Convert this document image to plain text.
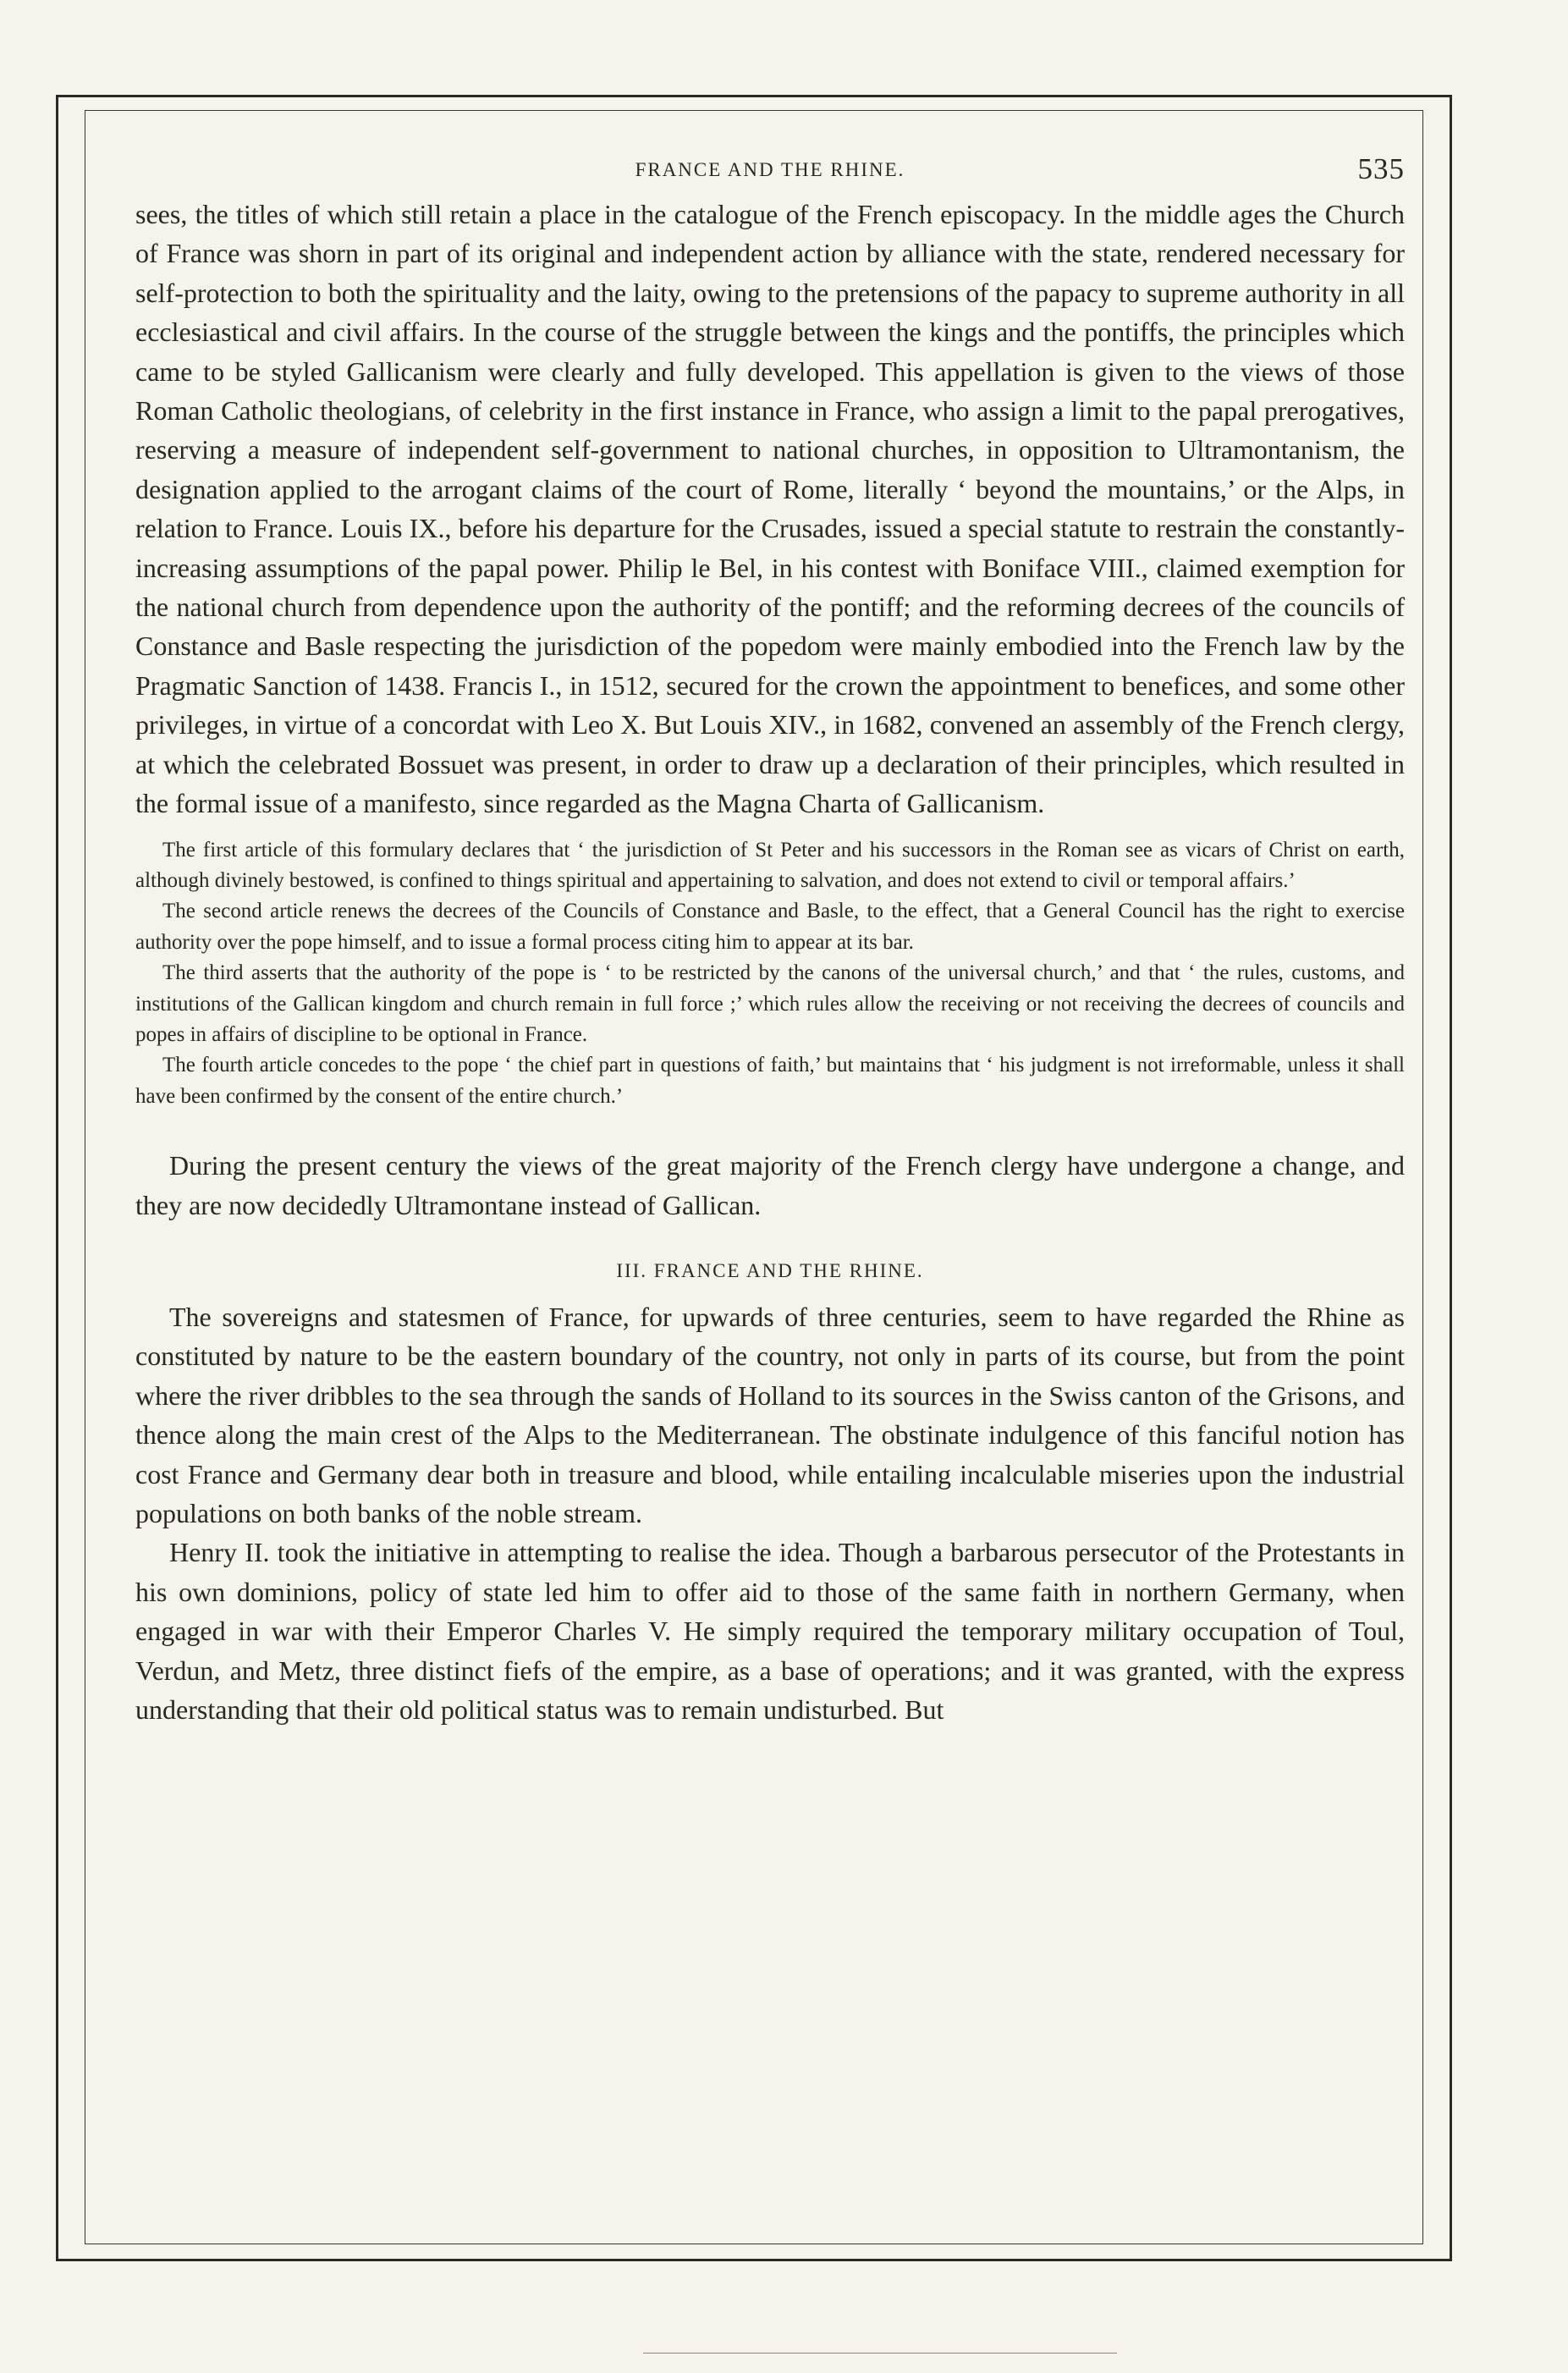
FRANCE AND THE RHINE.	535

sees, the titles of which still retain a place in the catalogue of the French episcopacy. In the middle ages the Church of France was shorn in part of its original and independent action by alliance with the state, rendered necessary for self-protection to both the spirituality and the laity, owing to the pretensions of the papacy to supreme authority in all ecclesiastical and civil affairs. In the course of the struggle between the kings and the pontiffs, the principles which came to be styled Gallicanism were clearly and fully developed. This appellation is given to the views of those Roman Catholic theologians, of celebrity in the first instance in France, who assign a limit to the papal prerogatives, reserving a measure of independent self-government to national churches, in opposition to Ultramontanism, the designation applied to the arrogant claims of the court of Rome, literally ‘ beyond the mountains,’ or the Alps, in relation to France. Louis IX., before his departure for the Crusades, issued a special statute to restrain the constantly-increasing assumptions of the papal power. Philip le Bel, in his contest with Boniface VIII., claimed exemption for the national church from dependence upon the authority of the pontiff; and the reforming decrees of the councils of Constance and Basle respecting the jurisdiction of the popedom were mainly embodied into the French law by the Pragmatic Sanction of 1438. Francis I., in 1512, secured for the crown the appointment to benefices, and some other privileges, in virtue of a concordat with Leo X. But Louis XIV., in 1682, convened an assembly of the French clergy, at which the celebrated Bossuet was present, in order to draw up a declaration of their principles, which resulted in the formal issue of a manifesto, since regarded as the Magna Charta of Gallicanism.

The first article of this formulary declares that ‘ the jurisdiction of St Peter and his successors in the Roman see as vicars of Christ on earth, although divinely bestowed, is confined to things spiritual and appertaining to salvation, and does not extend to civil or temporal affairs.’

The second article renews the decrees of the Councils of Constance and Basle, to the effect, that a General Council has the right to exercise authority over the pope himself, and to issue a formal process citing him to appear at its bar.

The third asserts that the authority of the pope is ‘ to be restricted by the canons of the universal church,’ and that ‘ the rules, customs, and institutions of the Gallican kingdom and church remain in full force ;’ which rules allow the receiving or not receiving the decrees of councils and popes in affairs of discipline to be optional in France.

The fourth article concedes to the pope ‘ the chief part in questions of faith,’ but maintains that ‘ his judgment is not irreformable, unless it shall have been confirmed by the consent of the entire church.’

During the present century the views of the great majority of the French clergy have undergone a change, and they are now decidedly Ultramontane instead of Gallican.

III. FRANCE AND THE RHINE.

The sovereigns and statesmen of France, for upwards of three centuries, seem to have regarded the Rhine as constituted by nature to be the eastern boundary of the country, not only in parts of its course, but from the point where the river dribbles to the sea through the sands of Holland to its sources in the Swiss canton of the Grisons, and thence along the main crest of the Alps to the Mediterranean. The obstinate indulgence of this fanciful notion has cost France and Germany dear both in treasure and blood, while entailing incalculable miseries upon the industrial populations on both banks of the noble stream.

Henry II. took the initiative in attempting to realise the idea. Though a barbarous persecutor of the Protestants in his own dominions, policy of state led him to offer aid to those of the same faith in northern Germany, when engaged in war with their Emperor Charles V. He simply required the temporary military occupation of Toul, Verdun, and Metz, three distinct fiefs of the empire, as a base of operations; and it was granted, with the express understanding that their old political status was to remain undisturbed. But
